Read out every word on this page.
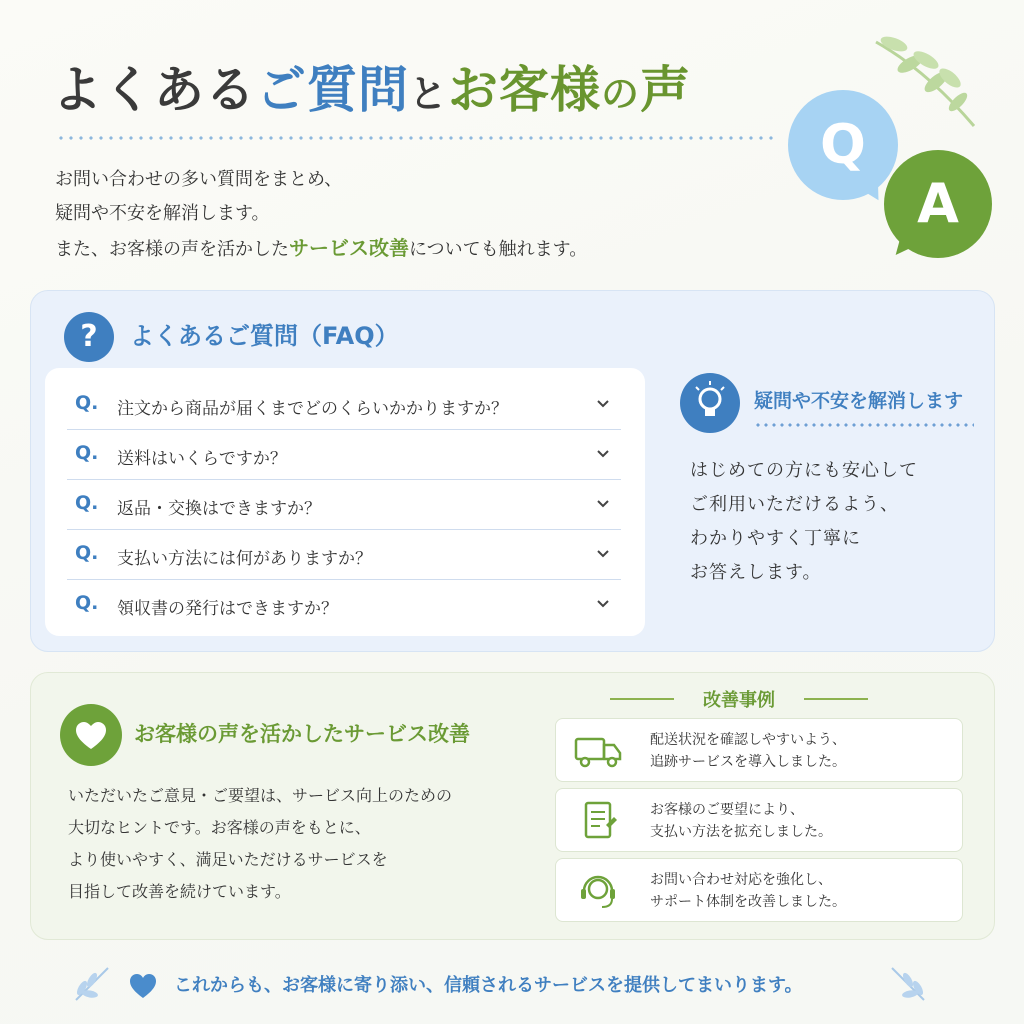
よくあるご質問とお客様の声
お問い合わせの多い質問をまとめ、
疑問や不安を解消します。
また、お客様の声を活かしたサービス改善についても触れます。
Q
A
?	よくあるご質問（FAQ）
Q. 注文から商品が届くまでどのくらいかかりますか？
Q. 送料はいくらですか？
Q. 返品・交換はできますか？
Q. 支払い方法には何がありますか？
Q. 領収書の発行はできますか？
疑問や不安を解消します
はじめての方にも安心して
ご利用いただけるよう、
わかりやすく丁寧に
お答えします。
お客様の声を活かしたサービス改善
いただいたご意見・ご要望は、サービス向上のための
大切なヒントです。お客様の声をもとに、
より使いやすく、満足いただけるサービスを
目指して改善を続けています。
改善事例
配送状況を確認しやすいよう、
追跡サービスを導入しました。
お客様のご要望により、
支払い方法を拡充しました。
お問い合わせ対応を強化し、
サポート体制を改善しました。
これからも、お客様に寄り添い、信頼されるサービスを提供してまいります。
